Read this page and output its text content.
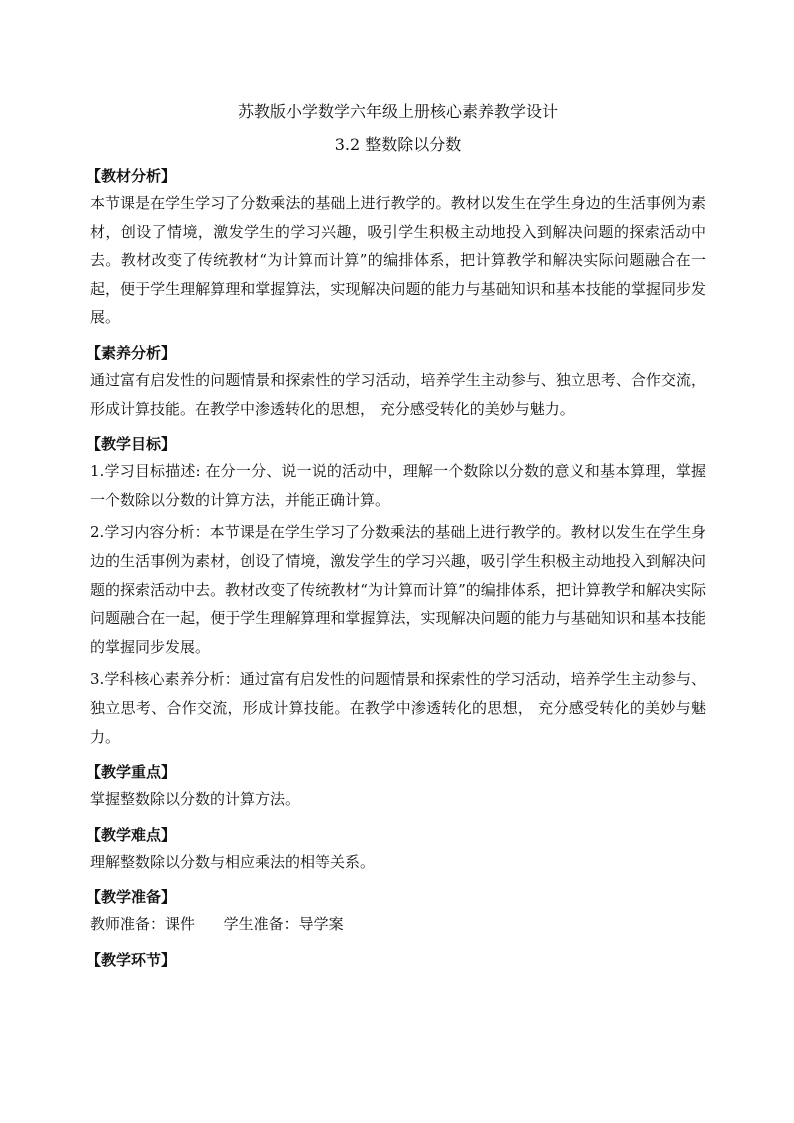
苏教版小学数学六年级上册核心素养教学设计
3.2 整数除以分数
【教材分析】

本节课是在学生学习了分数乘法的基础上进行教学的。教材以发生在学生身边的生活事例为素材，创设了情境，激发学生的学习兴趣，吸引学生积极主动地投入到解决问题的探索活动中去。教材改变了传统教材“为计算而计算”的编排体系，把计算教学和解决实际问题融合在一起，便于学生理解算理和掌握算法，实现解决问题的能力与基础知识和基本技能的掌握同步发展。

【素养分析】

通过富有启发性的问题情景和探索性的学习活动，培养学生主动参与、独立思考、合作交流，形成计算技能。在教学中渗透转化的思想， 充分感受转化的美妙与魅力。

【教学目标】

1.学习目标描述: 在分一分、说一说的活动中，理解一个数除以分数的意义和基本算理，掌握一个数除以分数的计算方法，并能正确计算。

2.学习内容分析：本节课是在学生学习了分数乘法的基础上进行教学的。教材以发生在学生身边的生活事例为素材，创设了情境，激发学生的学习兴趣，吸引学生积极主动地投入到解决问题的探索活动中去。教材改变了传统教材“为计算而计算”的编排体系，把计算教学和解决实际问题融合在一起，便于学生理解算理和掌握算法，实现解决问题的能力与基础知识和基本技能的掌握同步发展。

3.学科核心素养分析：通过富有启发性的问题情景和探索性的学习活动，培养学生主动参与、独立思考、合作交流，形成计算技能。在教学中渗透转化的思想， 充分感受转化的美妙与魅力。

【教学重点】

掌握整数除以分数的计算方法。

【教学难点】

理解整数除以分数与相应乘法的相等关系。

【教学准备】

教师准备：课件      学生准备：导学案

【教学环节】
